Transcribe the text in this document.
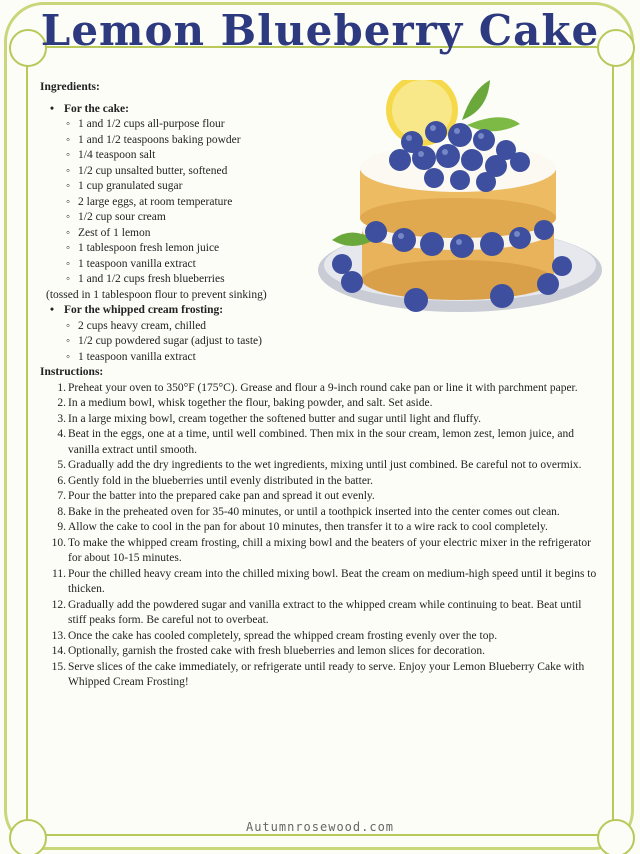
Lemon Blueberry Cake
Ingredients:
• For the cake:
◦ 1 and 1/2 cups all-purpose flour
◦ 1 and 1/2 teaspoons baking powder
◦ 1/4 teaspoon salt
◦ 1/2 cup unsalted butter, softened
◦ 1 cup granulated sugar
◦ 2 large eggs, at room temperature
◦ 1/2 cup sour cream
◦ Zest of 1 lemon
◦ 1 tablespoon fresh lemon juice
◦ 1 teaspoon vanilla extract
◦ 1 and 1/2 cups fresh blueberries
(tossed in 1 tablespoon flour to prevent sinking)
• For the whipped cream frosting:
◦ 2 cups heavy cream, chilled
◦ 1/2 cup powdered sugar (adjust to taste)
◦ 1 teaspoon vanilla extract
Instructions:
1. Preheat your oven to 350°F (175°C). Grease and flour a 9-inch round cake pan or line it with parchment paper.
2. In a medium bowl, whisk together the flour, baking powder, and salt. Set aside.
3. In a large mixing bowl, cream together the softened butter and sugar until light and fluffy.
4. Beat in the eggs, one at a time, until well combined. Then mix in the sour cream, lemon zest, lemon juice, and vanilla extract until smooth.
5. Gradually add the dry ingredients to the wet ingredients, mixing until just combined. Be careful not to overmix.
6. Gently fold in the blueberries until evenly distributed in the batter.
7. Pour the batter into the prepared cake pan and spread it out evenly.
8. Bake in the preheated oven for 35-40 minutes, or until a toothpick inserted into the center comes out clean.
9. Allow the cake to cool in the pan for about 10 minutes, then transfer it to a wire rack to cool completely.
10. To make the whipped cream frosting, chill a mixing bowl and the beaters of your electric mixer in the refrigerator for about 10-15 minutes.
11. Pour the chilled heavy cream into the chilled mixing bowl. Beat the cream on medium-high speed until it begins to thicken.
12. Gradually add the powdered sugar and vanilla extract to the whipped cream while continuing to beat. Beat until stiff peaks form. Be careful not to overbeat.
13. Once the cake has cooled completely, spread the whipped cream frosting evenly over the top.
14. Optionally, garnish the frosted cake with fresh blueberries and lemon slices for decoration.
15. Serve slices of the cake immediately, or refrigerate until ready to serve. Enjoy your Lemon Blueberry Cake with Whipped Cream Frosting!
Autumnrosewood.com
